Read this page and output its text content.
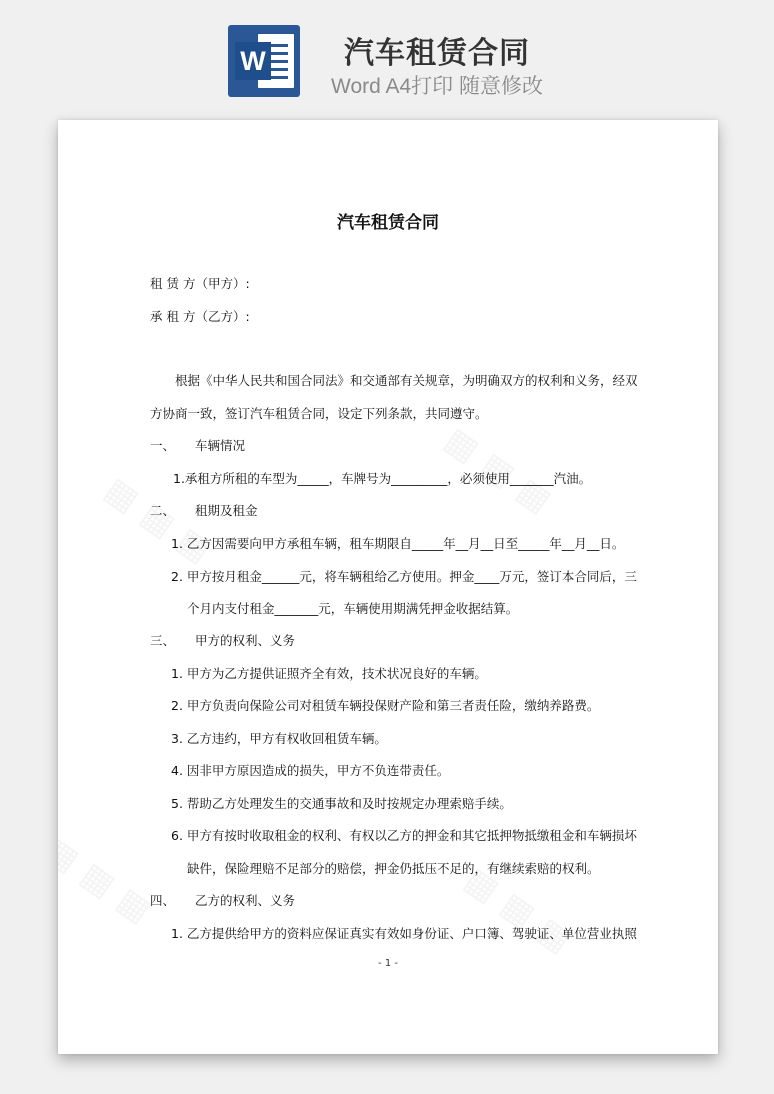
W	汽车租赁合同
Word A4打印 随意修改
汽车租赁合同
租 赁 方（甲方）:
承 租 方（乙方）:
根据《中华人民共和国合同法》和交通部有关规章，为明确双方的权利和义务，经双
方协商一致，签订汽车租赁合同，设定下列条款，共同遵守。
一、 车辆情况
1.承租方所租的车型为_____，车牌号为_________，必须使用_______汽油。
二、 租期及租金
1. 乙方因需要向甲方承租车辆，租车期限自_____年__月__日至_____年__月__日。
2. 甲方按月租金______元，将车辆租给乙方使用。押金____万元，签订本合同后，三
个月内支付租金_______元，车辆使用期满凭押金收据结算。
三、 甲方的权利、义务
1. 甲方为乙方提供证照齐全有效，技术状况良好的车辆。
2. 甲方负责向保险公司对租赁车辆投保财产险和第三者责任险，缴纳养路费。
3. 乙方违约，甲方有权收回租赁车辆。
4. 因非甲方原因造成的损失，甲方不负连带责任。
5. 帮助乙方处理发生的交通事故和及时按规定办理索赔手续。
6. 甲方有按时收取租金的权利、有权以乙方的押金和其它抵押物抵缴租金和车辆损坏
缺件，保险理赔不足部分的赔偿，押金仍抵压不足的，有继续索赔的权利。
四、 乙方的权利、义务
1. 乙方提供给甲方的资料应保证真实有效如身份证、户口簿、驾驶证、单位营业执照
- 1 -
